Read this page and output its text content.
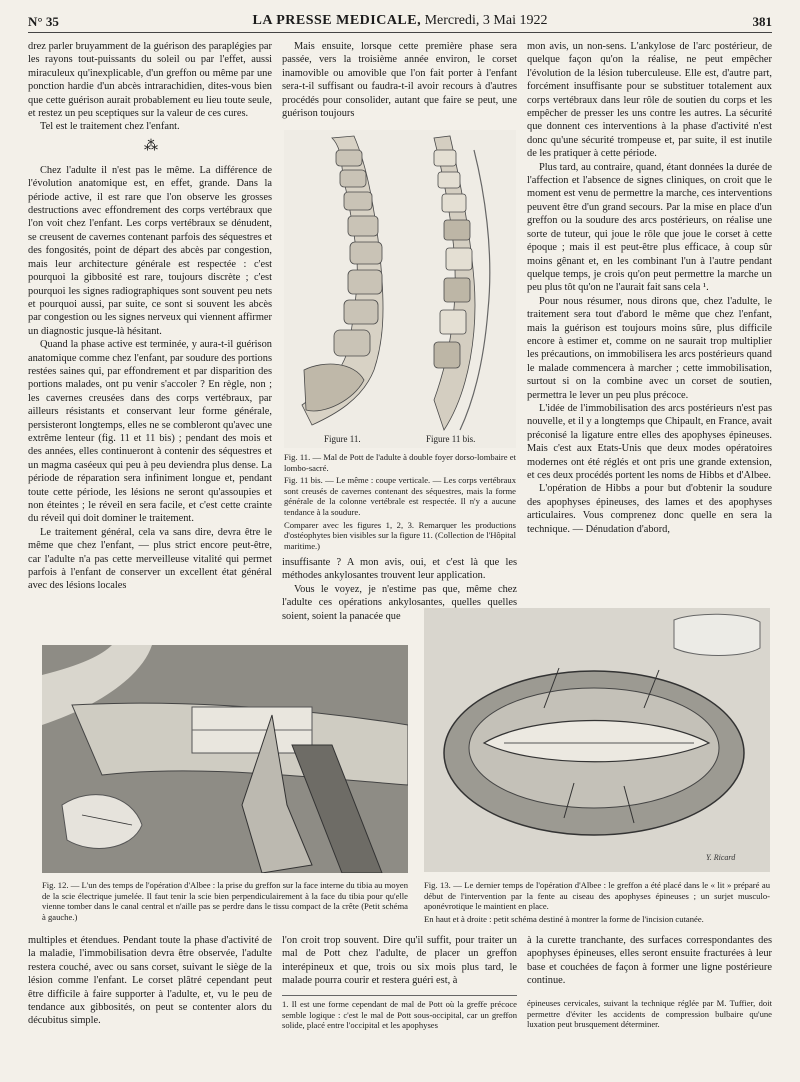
N° 35	LA PRESSE MEDICALE, Mercredi, 3 Mai 1922	381

drez parler bruyamment de la guérison des paraplégies par les rayons tout-puissants du soleil ou par l'effet, aussi miraculeux qu'inexplicable, d'un greffon ou même par une ponction hardie d'un abcès intrarachidien, dites-vous bien que cette guérison aurait probablement eu lieu toute seule, et restez un peu sceptiques sur la valeur de ces cures.

Tel est le traitement chez l'enfant.

⁂

Chez l'adulte il n'est pas le même. La différence de l'évolution anatomique est, en effet, grande. Dans la période active, il est rare que l'on observe les grosses destructions avec effondrement des corps vertébraux que l'on voit chez l'enfant. Les corps vertébraux se dénudent, se creusent de cavernes contenant parfois des séquestres et des fongosités, point de départ des abcès par congestion, mais leur architecture générale est respectée : c'est pourquoi la gibbosité est rare, toujours discrète ; c'est pourquoi les signes radiographiques sont souvent peu nets et pourquoi aussi, par suite, ce sont si souvent les abcès par congestion ou les signes nerveux qui viennent affirmer un diagnostic jusque-là hésitant.

Quand la phase active est terminée, y aura-t-il guérison anatomique comme chez l'enfant, par soudure des portions restées saines qui, par effondrement et par disparition des portions malades, ont pu venir s'accoler ? En règle, non ; les cavernes creusées dans des corps vertébraux, par ailleurs résistants et conservant leur forme générale, persisteront longtemps, elles ne se combleront qu'avec une extrême lenteur (fig. 11 et 11 bis) ; pendant des mois et des années, elles continueront à contenir des séquestres et un magma caséeux qui peu à peu deviendra plus dense. La période de réparation sera infiniment longue et, pendant toute cette période, les lésions ne seront qu'assoupies et non éteintes ; le réveil en sera facile, et c'est cette crainte du réveil qui doit dominer le traitement.

Le traitement général, cela va sans dire, devra être le même que chez l'enfant, — plus strict encore peut-être, car l'adulte n'a pas cette merveilleuse vitalité qui permet parfois à l'enfant de conserver un excellent état général avec des lésions locales

Mais ensuite, lorsque cette première phase sera passée, vers la troisième année environ, le corset inamovible ou amovible que l'on fait porter à l'enfant sera-t-il suffisant ou faudra-t-il avoir recours à d'autres procédés pour consolider, autant que faire se peut, une guérison toujours

Figure 11.	Figure 11 bis.

Fig. 11. — Mal de Pott de l'adulte à double foyer dorso-lombaire et lombo-sacré.

Fig. 11 bis. — Le même : coupe verticale. — Les corps vertébraux sont creusés de cavernes contenant des séquestres, mais la forme générale de la colonne vertébrale est respectée. Il n'y a aucune tendance à la soudure.

Comparer avec les figures 1, 2, 3. Remarquer les productions d'ostéophytes bien visibles sur la figure 11. (Collection de l'Hôpital maritime.)

insuffisante ? A mon avis, oui, et c'est là que les méthodes ankylosantes trouvent leur application.

Vous le voyez, je n'estime pas que, même chez l'adulte ces opérations ankylosantes, quelles quelles soient, soient la panacée que

mon avis, un non-sens. L'ankylose de l'arc postérieur, de quelque façon qu'on la réalise, ne peut empêcher l'évolution de la lésion tuberculeuse. Elle est, d'autre part, forcément insuffisante pour se substituer totalement aux corps vertébraux dans leur rôle de soutien du corps et les empêcher de presser les uns contre les autres. La sécurité que donnent ces interventions à la phase d'activité n'est donc qu'une sécurité trompeuse et, par suite, il est inutile de les pratiquer à cette période.

Plus tard, au contraire, quand, étant données la durée de l'affection et l'absence de signes cliniques, on croit que le moment est venu de permettre la marche, ces interventions peuvent être d'un grand secours. Par la mise en place d'un greffon ou la soudure des arcs postérieurs, on réalise une sorte de tuteur, qui joue le rôle que joue le corset à cette époque ; mais il est peut-être plus efficace, à coup sûr moins gênant et, en les combinant l'un à l'autre pendant quelque temps, je crois qu'on peut permettre la marche un peu plus tôt qu'on ne l'aurait fait sans cela ¹.

Pour nous résumer, nous dirons que, chez l'adulte, le traitement sera tout d'abord le même que chez l'enfant, mais la guérison est toujours moins sûre, plus difficile encore à estimer et, comme on ne saurait trop multiplier les précautions, on immobilisera les arcs postérieurs quand le malade commencera à marcher ; cette immobilisation, surtout si on la combine avec un corset de soutien, permettra le lever un peu plus précoce.

L'idée de l'immobilisation des arcs postérieurs n'est pas nouvelle, et il y a longtemps que Chipault, en France, avait préconisé la ligature entre elles des apophyses épineuses. Mais c'est aux Etats-Unis que deux modes opératoires modernes ont été réglés et ont pris une grande extension, et ces deux procédés portent les noms de Hibbs et d'Albee.

L'opération de Hibbs a pour but d'obtenir la soudure des apophyses épineuses, des lames et des apophyses articulaires. Vous comprenez donc quelle en sera la technique. — Dénudation d'abord,

Fig. 12. — L'un des temps de l'opération d'Albee : la prise du greffon sur la face interne du tibia au moyen de la scie électrique jumelée. Il faut tenir la scie bien perpendiculairement à la face du tibia pour qu'elle vienne tomber dans le canal central et n'aille pas se perdre dans le tissu compact de la crête (Petit schéma à gauche.)
Y. Ricard

Fig. 13. — Le dernier temps de l'opération d'Albee : le greffon a été placé dans le « lit » préparé au début de l'intervention par la fente au ciseau des apophyses épineuses ; un surjet musculo-aponévrotique le maintient en place.

En haut et à droite : petit schéma destiné à montrer la forme de l'incision cutanée.

multiples et étendues. Pendant toute la phase d'activité de la maladie, l'immobilisation devra être observée, l'adulte restera couché, avec ou sans corset, suivant le siège de la lésion comme l'enfant. Le corset plâtré cependant peut être difficile à faire supporter à l'adulte, et, vu le peu de tendance aux gibbosités, on peut se contenter alors du décubitus simple.

l'on croit trop souvent. Dire qu'il suffit, pour traiter un mal de Pott chez l'adulte, de placer un greffon interépineux et que, trois ou six mois plus tard, le malade pourra courir et restera guéri est, à

1. Il est une forme cependant de mal de Pott où la greffe précoce semble logique : c'est le mal de Pott sous-occipital, car un greffon solide, placé entre l'occipital et les apophyses

à la curette tranchante, des surfaces correspondantes des apophyses épineuses, elles seront ensuite fracturées à leur base et couchées de façon à former une ligne postérieure continue.

épineuses cervicales, suivant la technique réglée par M. Tuffier, doit permettre d'éviter les accidents de compression bulbaire qu'une luxation peut brusquement déterminer.
